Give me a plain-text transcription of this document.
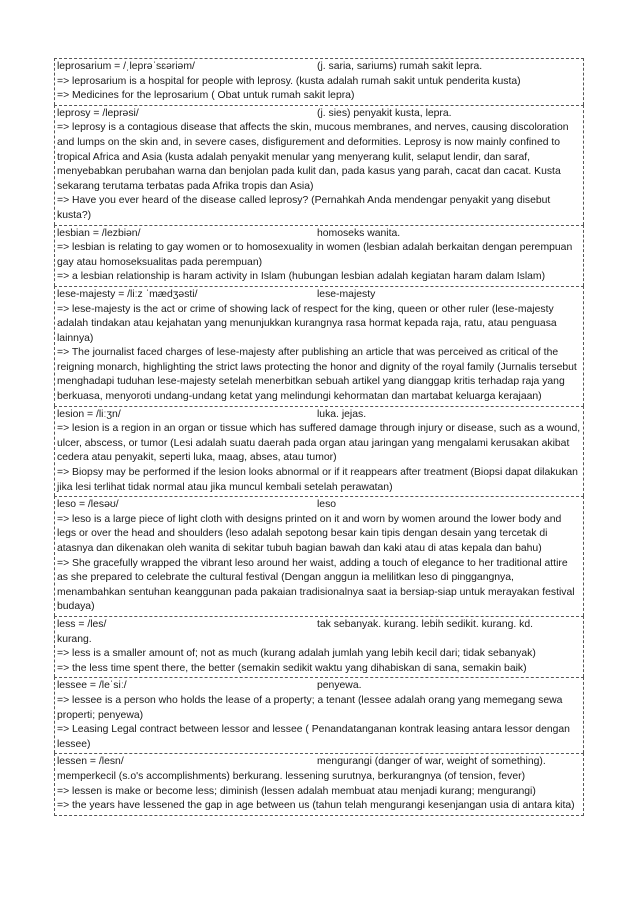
leprosarium = /ˌleprəˈsɛəriəm/	(j. saria, sariums) rumah sakit lepra.
=> leprosarium is a hospital for people with leprosy. (kusta adalah rumah sakit untuk penderita kusta)
=> Medicines for the leprosarium ( Obat untuk rumah sakit lepra)
leprosy = /leprəsi/	(j. sies) penyakit kusta, lepra.
=> leprosy is a contagious disease that affects the skin, mucous membranes, and nerves, causing discoloration and lumps on the skin and, in severe cases, disfigurement and deformities. Leprosy is now mainly confined to tropical Africa and Asia (kusta adalah penyakit menular yang menyerang kulit, selaput lendir, dan saraf, menyebabkan perubahan warna dan benjolan pada kulit dan, pada kasus yang parah, cacat dan cacat. Kusta sekarang terutama terbatas pada Afrika tropis dan Asia)
=> Have you ever heard of the disease called leprosy? (Pernahkah Anda mendengar penyakit yang disebut kusta?)
lesbian = /lezbiən/	homoseks wanita.
=> lesbian is relating to gay women or to homosexuality in women (lesbian adalah berkaitan dengan perempuan gay atau homoseksualitas pada perempuan)
=> a lesbian relationship is haram activity in Islam (hubungan lesbian adalah kegiatan haram dalam Islam)
lese-majesty = /liːz ˈmædʒəsti/	lese-majesty
=> lese-majesty is the act or crime of showing lack of respect for the king, queen or other ruler (lese-majesty adalah tindakan atau kejahatan yang menunjukkan kurangnya rasa hormat kepada raja, ratu, atau penguasa lainnya)
=> The journalist faced charges of lese-majesty after publishing an article that was perceived as critical of the reigning monarch, highlighting the strict laws protecting the honor and dignity of the royal family (Jurnalis tersebut menghadapi tuduhan lese-majesty setelah menerbitkan sebuah artikel yang dianggap kritis terhadap raja yang berkuasa, menyoroti undang-undang ketat yang melindungi kehormatan dan martabat keluarga kerajaan)
lesion = /liːʒn/	luka. jejas.
=> lesion is a region in an organ or tissue which has suffered damage through injury or disease, such as a wound, ulcer, abscess, or tumor (Lesi adalah suatu daerah pada organ atau jaringan yang mengalami kerusakan akibat cedera atau penyakit, seperti luka, maag, abses, atau tumor)
=> Biopsy may be performed if the lesion looks abnormal or if it reappears after treatment (Biopsi dapat dilakukan jika lesi terlihat tidak normal atau jika muncul kembali setelah perawatan)
leso = /lesəʊ/	leso
=> leso is a large piece of light cloth with designs printed on it and worn by women around the lower body and legs or over the head and shoulders (leso adalah sepotong besar kain tipis dengan desain yang tercetak di atasnya dan dikenakan oleh wanita di sekitar tubuh bagian bawah dan kaki atau di atas kepala dan bahu)
=> She gracefully wrapped the vibrant leso around her waist, adding a touch of elegance to her traditional attire as she prepared to celebrate the cultural festival (Dengan anggun ia melilitkan leso di pinggangnya, menambahkan sentuhan keanggunan pada pakaian tradisionalnya saat ia bersiap-siap untuk merayakan festival budaya)
less = /les/	tak sebanyak. kurang. lebih sedikit. kurang. kd.
kurang.
=> less is a smaller amount of; not as much (kurang adalah jumlah yang lebih kecil dari; tidak sebanyak)
=> the less time spent there, the better (semakin sedikit waktu yang dihabiskan di sana, semakin baik)
lessee = /leˈsiː/	penyewa.
=> lessee is a person who holds the lease of a property; a tenant (lessee adalah orang yang memegang sewa properti; penyewa)
=> Leasing Legal contract between lessor and lessee ( Penandatanganan kontrak leasing antara lessor dengan lessee)
lessen = /lesn/	mengurangi (danger of war, weight of something).
memperkecil (s.o's accomplishments) berkurang. lessening surutnya, berkurangnya (of tension, fever)
=> lessen is make or become less; diminish (lessen adalah membuat atau menjadi kurang; mengurangi)
=> the years have lessened the gap in age between us (tahun telah mengurangi kesenjangan usia di antara kita)
